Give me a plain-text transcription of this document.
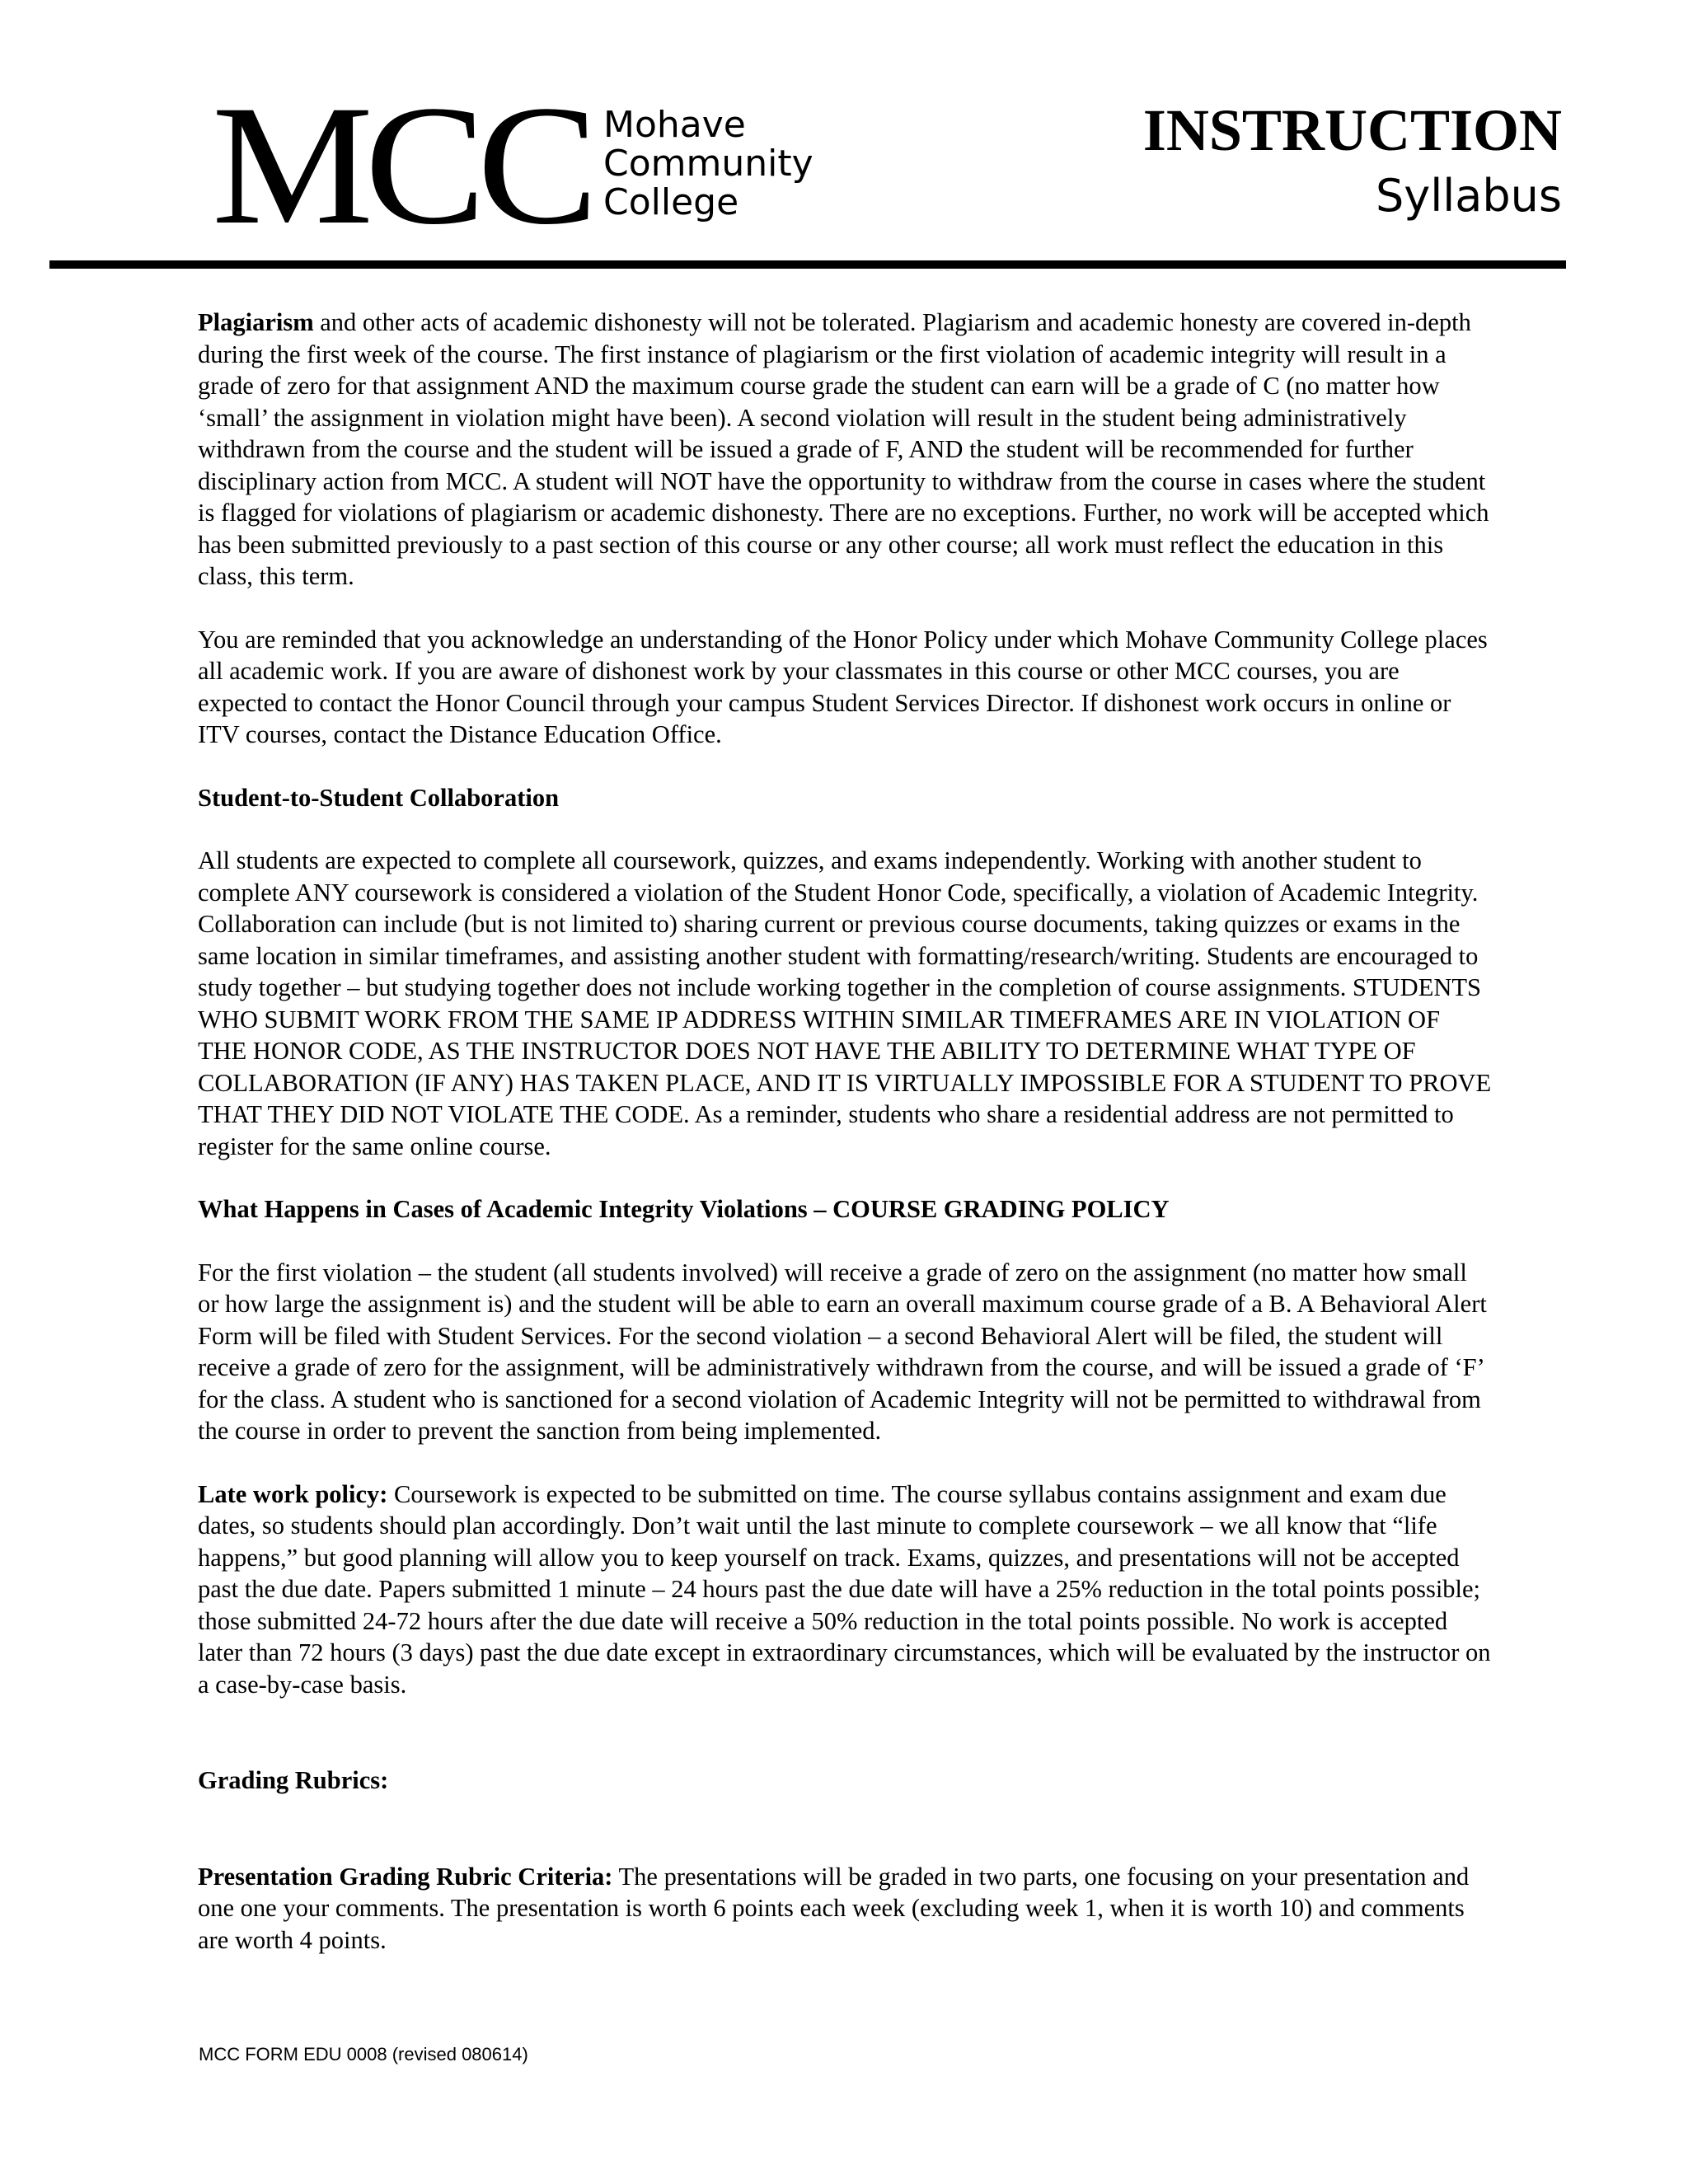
MCC Mohave
Community
College
INSTRUCTION
Syllabus

Plagiarism and other acts of academic dishonesty will not be tolerated. Plagiarism and academic honesty are covered in-depth during the first week of the course. The first instance of plagiarism or the first violation of academic integrity will result in a grade of zero for that assignment AND the maximum course grade the student can earn will be a grade of C (no matter how ‘small’ the assignment in violation might have been). A second violation will result in the student being administratively withdrawn from the course and the student will be issued a grade of F, AND the student will be recommended for further disciplinary action from MCC. A student will NOT have the opportunity to withdraw from the course in cases where the student is flagged for violations of plagiarism or academic dishonesty. There are no exceptions. Further, no work will be accepted which has been submitted previously to a past section of this course or any other course; all work must reflect the education in this class, this term.

You are reminded that you acknowledge an understanding of the Honor Policy under which Mohave Community College places all academic work. If you are aware of dishonest work by your classmates in this course or other MCC courses, you are expected to contact the Honor Council through your campus Student Services Director. If dishonest work occurs in online or ITV courses, contact the Distance Education Office.

Student-to-Student Collaboration

All students are expected to complete all coursework, quizzes, and exams independently. Working with another student to complete ANY coursework is considered a violation of the Student Honor Code, specifically, a violation of Academic Integrity. Collaboration can include (but is not limited to) sharing current or previous course documents, taking quizzes or exams in the same location in similar timeframes, and assisting another student with formatting/research/writing. Students are encouraged to study together – but studying together does not include working together in the completion of course assignments. STUDENTS WHO SUBMIT WORK FROM THE SAME IP ADDRESS WITHIN SIMILAR TIMEFRAMES ARE IN VIOLATION OF THE HONOR CODE, AS THE INSTRUCTOR DOES NOT HAVE THE ABILITY TO DETERMINE WHAT TYPE OF COLLABORATION (IF ANY) HAS TAKEN PLACE, AND IT IS VIRTUALLY IMPOSSIBLE FOR A STUDENT TO PROVE THAT THEY DID NOT VIOLATE THE CODE. As a reminder, students who share a residential address are not permitted to register for the same online course.

What Happens in Cases of Academic Integrity Violations – COURSE GRADING POLICY

For the first violation – the student (all students involved) will receive a grade of zero on the assignment (no matter how small or how large the assignment is) and the student will be able to earn an overall maximum course grade of a B. A Behavioral Alert Form will be filed with Student Services. For the second violation – a second Behavioral Alert will be filed, the student will receive a grade of zero for the assignment, will be administratively withdrawn from the course, and will be issued a grade of ‘F’ for the class. A student who is sanctioned for a second violation of Academic Integrity will not be permitted to withdrawal from the course in order to prevent the sanction from being implemented.

Late work policy: Coursework is expected to be submitted on time. The course syllabus contains assignment and exam due dates, so students should plan accordingly. Don’t wait until the last minute to complete coursework – we all know that “life happens,” but good planning will allow you to keep yourself on track. Exams, quizzes, and presentations will not be accepted past the due date. Papers submitted 1 minute – 24 hours past the due date will have a 25% reduction in the total points possible; those submitted 24-72 hours after the due date will receive a 50% reduction in the total points possible. No work is accepted later than 72 hours (3 days) past the due date except in extraordinary circumstances, which will be evaluated by the instructor on a case-by-case basis.

Grading Rubrics:

Presentation Grading Rubric Criteria: The presentations will be graded in two parts, one focusing on your presentation and one one your comments. The presentation is worth 6 points each week (excluding week 1, when it is worth 10) and comments are worth 4 points.

MCC FORM EDU 0008 (revised 080614)
